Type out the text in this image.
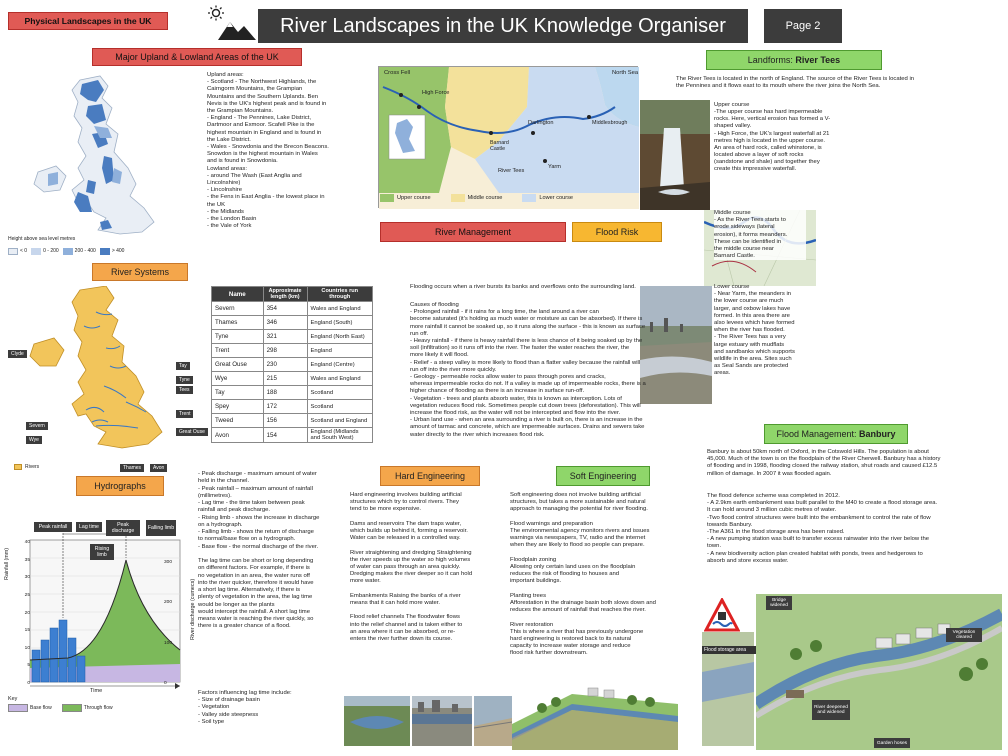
Physical Landscapes in the UK	River Landscapes in the UK Knowledge Organiser	Page 2
Major Upland & Lowland Areas of the UK
Height above sea level metres
< 0	0 - 200	200 - 400	> 400
Upland areas:
- Scotland - The Northwest Highlands, the
Cairngorm Mountains, the Grampian
Mountains and the Southern Uplands. Ben
Nevis is the UK's highest peak and is found in
the Grampian Mountains.
- England - The Pennines, Lake District,
Dartmoor and Exmoor. Scafell Pike is the
highest mountain in England and is found in
the Lake District.
- Wales - Snowdonia and the Brecon Beacons.
Snowdon is the highest mountain in Wales
and is found in Snowdonia.
Lowland areas:
- around The Wash (East Anglia and
Lincolnshire)
- Lincolnshire
- the Fens in East Anglia - the lowest place in
the UK
- the Midlands
- the London Basin
- the Vale of York
River Systems
Clyde
Tay
Tyne
Tees
Trent
Severn
Wye
Great Ouse
Thames	Avon
Rivers
Name	Approximate length (km)	Countries run through
Severn	354	Wales and England
Thames	346	England (South)
Tyne	321	England (North East)
Trent	298	England
Great Ouse	230	England (Centre)
Wye	215	Wales and England
Tay	188	Scotland
Spey	172	Scotland
Tweed	156	Scotland and England
Avon	154	England (Midlands and South West)
Hydrographs
Peak rainfall	Lag time	Peak discharge	Falling limb
Rising limb
Rainfall (mm)
River discharge (cumecs)
40
35
30
25
20
15
10
5
0
300
200
100
0
Time
Key
Base flow	Through flow
- Peak discharge - maximum amount of water
held in the channel.
- Peak rainfall – maximum amount of rainfall
(millimetres).
- Lag time - the time taken between peak
rainfall and peak discharge.
- Rising limb - shows the increase in discharge
on a hydrograph.
- Falling limb - shows the return of discharge
to normal/base flow on a hydrograph.
- Base flow - the normal discharge of the river.

The lag time can be short or long depending
on different factors. For example, if there is
no vegetation in an area, the water runs off
into the river quicker, therefore it would have
a short lag time. Alternatively, if there is
plenty of vegetation in the area, the lag time
would be longer as the plants
would intercept the rainfall. A short lag time
means water is reaching the river quickly, so
there is a greater chance of a flood.
Factors influencing lag time include:
- Size of drainage basin
- Vegetation
- Valley side steepness
- Soil type
Cross Fell	North Sea
High Force
Barnard Castle
Darlington	Middlesbrough
Yarm
River Tees
Upper course	Middle course	Lower course
Landforms: River Tees
The River Tees is located in the north of England. The source of the River Tees is located in
the Pennines and it flows east to its mouth where the river joins the North Sea.
Upper course
-The upper course has hard impermeable
rocks. Here, vertical erosion has formed a V-
shaped valley.
- High Force, the UK's largest waterfall at 21
metres high is located in the upper course.
An area of hard rock, called whinstone, is
located above a layer of soft rocks
(sandstone and shale) and together they
create this impressive waterfall.
Middle course
- As the River Tees starts to
erode sideways (lateral
erosion), it forms meanders.
These can be identified in
the middle course near
Barnard Castle.
Lower course
- Near Yarm, the meanders in
the lower course are much
larger, and oxbow lakes have
formed. In this area there are
also levees which have formed
when the river has flooded.
- The River Tees has a very
large estuary with mudflats
and sandbanks which supports
wildlife in the area. Sites such
as Seal Sands are protected
areas.
River Management	Flood Risk
Flooding occurs when a river bursts its banks and overflows onto the surrounding land.
Causes of flooding
- Prolonged rainfall - if it rains for a long time, the land around a river can
become saturated (it's holding as much water or moisture as can be absorbed). If there is
more rainfall it cannot be soaked up, so it runs along the surface - this is known as surface
run off.
- Heavy rainfall - if there is heavy rainfall there is less chance of it being soaked up by the
soil (infiltration) so it runs off into the river. The faster the water reaches the river, the
more likely it will flood.
- Relief - a steep valley is more likely to flood than a flatter valley because the rainfall will
run off into the river more quickly.
- Geology - permeable rocks allow water to pass through pores and cracks,
whereas impermeable rocks do not. If a valley is made up of impermeable rocks, there is a
higher chance of flooding as there is an increase in surface run-off.
- Vegetation - trees and plants absorb water, this is known as interception. Lots of
vegetation reduces flood risk. Sometimes people cut down trees (deforestation). This will
increase the flood risk, as the water will not be intercepted and flow into the river.
- Urban land use - when an area surrounding a river is built on, there is an increase in the
amount of tarmac and concrete, which are impermeable surfaces. Drains and sewers take
water directly to the river which increases flood risk.
Hard Engineering
Hard engineering involves building artificial
structures which try to control rivers. They
tend to be more expensive.

Dams and reservoirs The dam traps water,
which builds up behind it, forming a reservoir.
Water can be released in a controlled way.

River straightening and dredging Straightening
the river speeds up the water so high volumes
of water can pass through an area quickly.
Dredging makes the river deeper so it can hold
more water.

Embankments Raising the banks of a river
means that it can hold more water.

Flood relief channels The floodwater flows
into the relief channel and is taken either to
an area where it can be absorbed, or re-
enters the river further down its course.
Soft Engineering
Soft engineering does not involve building artificial
structures, but takes a more sustainable and natural
approach to managing the potential for river flooding.

Flood warnings and preparation
The environmental agency monitors rivers and issues
warnings via newspapers, TV, radio and the internet
when they are likely to flood so people can prepare.

Floodplain zoning
Allowing only certain land uses on the floodplain
reduces the risk of flooding to houses and
important buildings.

Planting trees
Afforestation in the drainage basin both slows down and
reduces the amount of rainfall that reaches the river.

River restoration
This is where a river that has previously undergone
hard engineering is restored back to its natural
capacity to increase water storage and reduce
flood risk further downstream.
Flood Management: Banbury
Banbury is about 50km north of Oxford, in the Cotswold Hills. The population is about
45,000. Much of the town is on the floodplain of the River Cherwell. Banbury has a history
of flooding and in 1998, flooding closed the railway station, shut roads and caused £12.5
million of damage. In 2007 it was flooded again.
The flood defence scheme was completed in 2012.
- A 2.9km earth embankment was built parallel to the M40 to create a flood storage area.
It can hold around 3 million cubic metres of water.
-Two flood control structures were built into the embankment to control the rate of flow
towards Banbury.
-The A361 in the flood storage area has been raised.
- A new pumping station was built to transfer excess rainwater into the river below the
town.
- A new biodiversity action plan created habitat with ponds, trees and hedgerows to
absorb and store excess water.
Flood storage area
Bridge widened
Vegetation cleared
River deepened and widened
Garden hoses
